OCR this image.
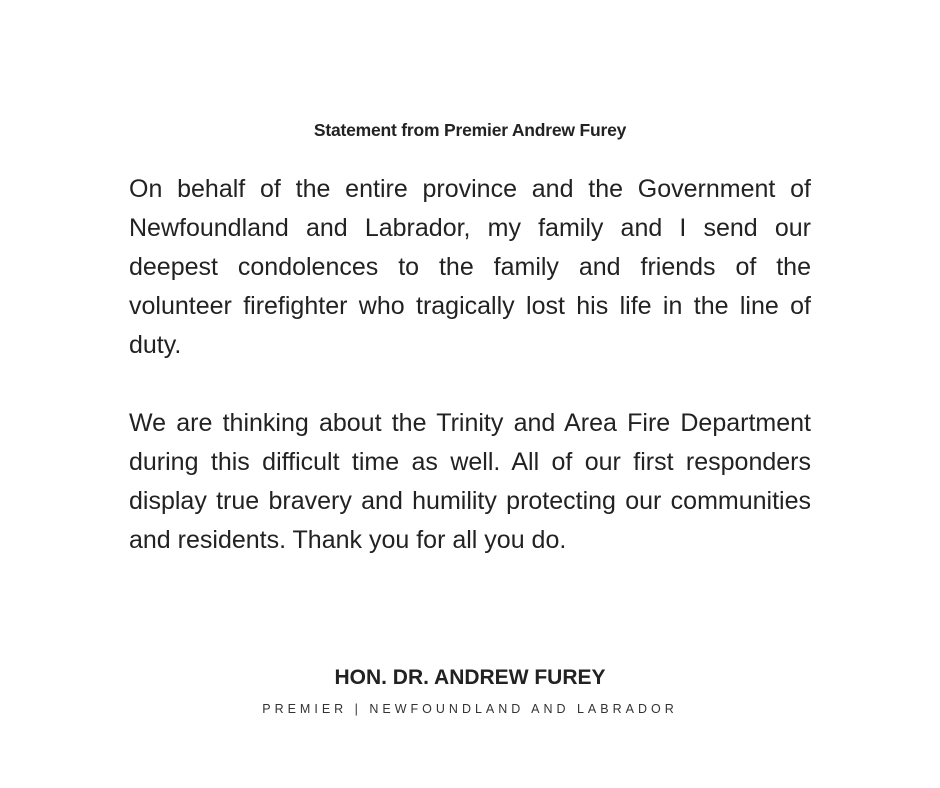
Statement from Premier Andrew Furey

On behalf of the entire province and the Government of Newfoundland and Labrador, my family and I send our deepest condolences to the family and friends of the volunteer firefighter who tragically lost his life in the line of duty.

We are thinking about the Trinity and Area Fire Department during this difficult time as well. All of our first responders display true bravery and humility protecting our communities and residents. Thank you for all you do.

HON. DR. ANDREW FUREY
PREMIER | NEWFOUNDLAND AND LABRADOR
